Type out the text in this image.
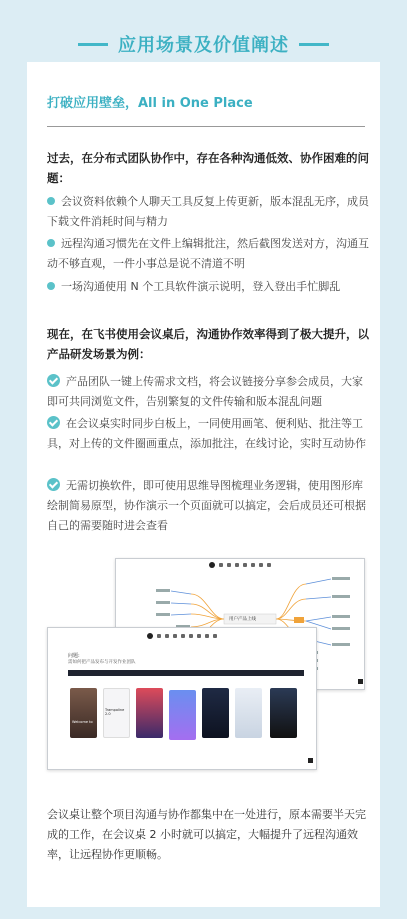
应用场景及价值阐述
打破应用壁垒，All in One Place
过去，在分布式团队协作中，存在各种沟通低效、协作困难的问题：
会议资料依赖个人聊天工具反复上传更新，版本混乱无序，成员下载文件消耗时间与精力
远程沟通习惯先在文件上编辑批注，然后截图发送对方，沟通互动不够直观，一件小事总是说不清道不明
一场沟通使用 N 个工具软件演示说明，登入登出手忙脚乱
现在，在飞书使用会议桌后，沟通协作效率得到了极大提升，以产品研发场景为例：
产品团队一键上传需求文档，将会议链接分享参会成员，大家即可共同浏览文件，告别繁复的文件传输和版本混乱问题
在会议桌实时同步白板上，一同使用画笔、便利贴、批注等工具，对上传的文件圈画重点，添加批注，在线讨论，实时互动协作
无需切换软件，即可使用思维导图梳理业务逻辑，使用图形库绘制简易原型，协作演示一个页面就可以搞定，会后成员还可根据自己的需要随时进会查看
用户产品上线
问题:
需如何把产品发布与开发作业团队
Welcome to
Trampoline 2.0
会议桌让整个项目沟通与协作都集中在一处进行，原本需要半天完成的工作，在会议桌 2 小时就可以搞定，大幅提升了远程沟通效率，让远程协作更顺畅。
